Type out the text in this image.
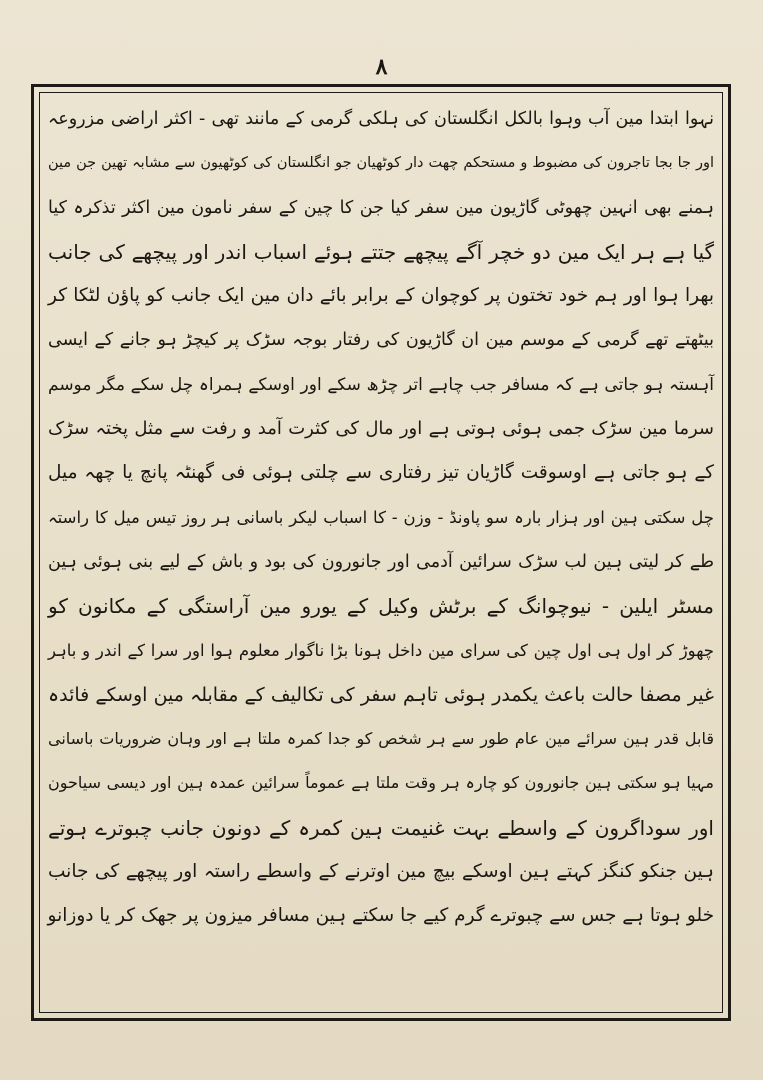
۸
نہوا ابتدا مین آب وہوا بالکل انگلستان کی ہلکی گرمی کے مانند تھی - اکثر اراضی مزروعہ
اور جا بجا تاجرون کی مضبوط و مستحکم چھت دار کوٹھیان جو انگلستان کی کوٹھیون سے مشابہ تھین جن مین
ہمنے بھی انہین چھوٹی گاڑیون مین سفر کیا جن کا چین کے سفر نامون مین اکثر تذکرہ کیا
گیا ہے ہر ایک مین دو خچر آگے پیچھے جتتے ہوئے اسباب اندر اور پیچھے کی جانب
بھرا ہوا اور ہم خود تختون پر کوچوان کے برابر بائے دان مین ایک جانب کو پاؤن لٹکا کر
بیٹھتے تھے گرمی کے موسم مین ان گاڑیون کی رفتار بوجہ سڑک پر کیچڑ ہو جانے کے ایسی
آہستہ ہو جاتی ہے کہ مسافر جب چاہے اتر چڑھ سکے اور اوسکے ہمراہ چل سکے مگر موسم
سرما مین سڑک جمی ہوئی ہوتی ہے اور مال کی کثرت آمد و رفت سے مثل پختہ سڑک
کے ہو جاتی ہے اوسوقت گاڑیان تیز رفتاری سے چلتی ہوئی فی گھنٹہ پانچ یا چھہ میل
چل سکتی ہین اور ہزار بارہ سو پاونڈ - وزن - کا اسباب لیکر باسانی ہر روز تیس میل کا راستہ
طے کر لیتی ہین لب سڑک سرائین آدمی اور جانورون کی بود و باش کے لیے بنی ہوئی ہین
مسٹر ایلین - نیوچوانگ کے برٹش وکیل کے یورو مین آراستگی کے مکانون کو
چھوڑ کر اول ہی اول چین کی سرای مین داخل ہونا بڑا ناگوار معلوم ہوا اور سرا کے اندر و باہر
غیر مصفا حالت باعث یکمدر ہوئی تاہم سفر کی تکالیف کے مقابلہ مین اوسکے فائدہ
قابل قدر ہین سرائے مین عام طور سے ہر شخص کو جدا کمرہ ملتا ہے اور وہان ضروریات باسانی
مہیا ہو سکتی ہین جانورون کو چارہ ہر وقت ملتا ہے عموماً سرائین عمدہ ہین اور دیسی سیاحون
اور سوداگرون کے واسطے بہت غنیمت ہین کمرہ کے دونون جانب چبوترے ہوتے
ہین جنکو کنگز کہتے ہین اوسکے بیچ مین اوترنے کے واسطے راستہ اور پیچھے کی جانب
خلو ہوتا ہے جس سے چبوترے گرم کیے جا سکتے ہین مسافر میزون پر جھک کر یا دوزانو
